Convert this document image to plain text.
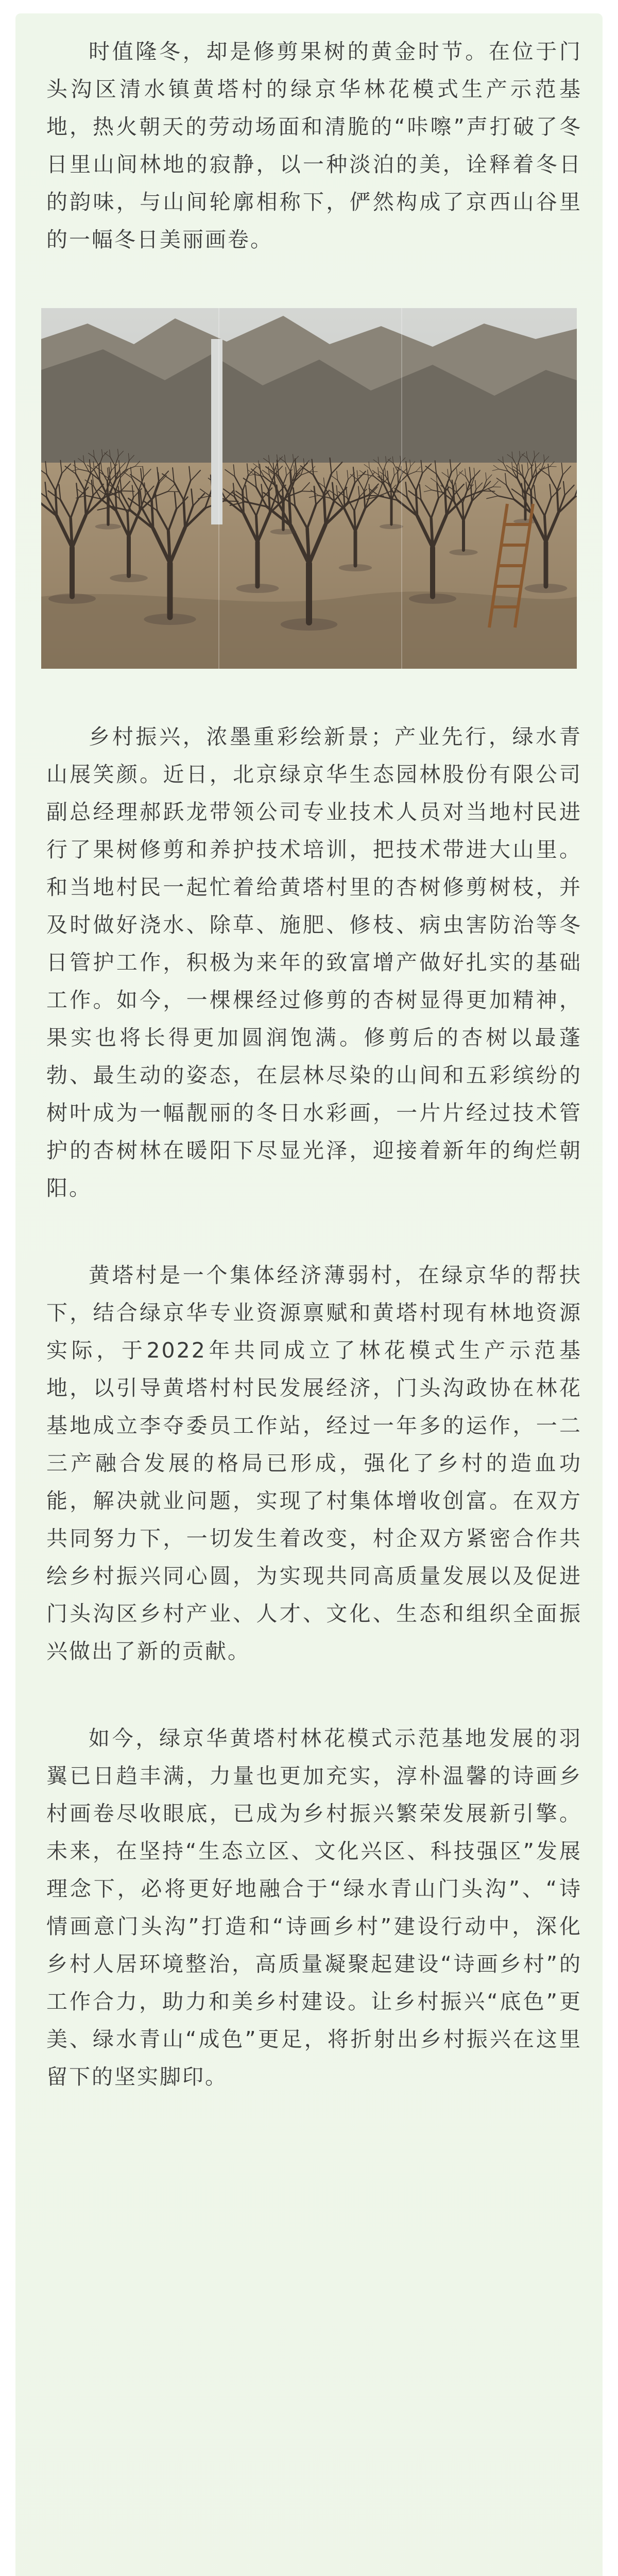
时值隆冬，却是修剪果树的黄金时节。在位于门头沟区清水镇黄塔村的绿京华林花模式生产示范基地，热火朝天的劳动场面和清脆的“咔嚓”声打破了冬日里山间林地的寂静，以一种淡泊的美，诠释着冬日的韵味，与山间轮廓相称下，俨然构成了京西山谷里的一幅冬日美丽画卷。

乡村振兴，浓墨重彩绘新景；产业先行，绿水青山展笑颜。近日，北京绿京华生态园林股份有限公司副总经理郝跃龙带领公司专业技术人员对当地村民进行了果树修剪和养护技术培训，把技术带进大山里。和当地村民一起忙着给黄塔村里的杏树修剪树枝，并及时做好浇水、除草、施肥、修枝、病虫害防治等冬日管护工作，积极为来年的致富增产做好扎实的基础工作。如今，一棵棵经过修剪的杏树显得更加精神，果实也将长得更加圆润饱满。修剪后的杏树以最蓬勃、最生动的姿态，在层林尽染的山间和五彩缤纷的树叶成为一幅靓丽的冬日水彩画，一片片经过技术管护的杏树林在暖阳下尽显光泽，迎接着新年的绚烂朝阳。

黄塔村是一个集体经济薄弱村，在绿京华的帮扶下，结合绿京华专业资源禀赋和黄塔村现有林地资源实际，于2022年共同成立了林花模式生产示范基地，以引导黄塔村村民发展经济，门头沟政协在林花基地成立李夺委员工作站，经过一年多的运作，一二三产融合发展的格局已形成，强化了乡村的造血功能，解决就业问题，实现了村集体增收创富。在双方共同努力下，一切发生着改变，村企双方紧密合作共绘乡村振兴同心圆，为实现共同高质量发展以及促进门头沟区乡村产业、人才、文化、生态和组织全面振兴做出了新的贡献。

如今，绿京华黄塔村林花模式示范基地发展的羽翼已日趋丰满，力量也更加充实，淳朴温馨的诗画乡村画卷尽收眼底，已成为乡村振兴繁荣发展新引擎。未来，在坚持“生态立区、文化兴区、科技强区”发展理念下，必将更好地融合于“绿水青山门头沟”、“诗情画意门头沟”打造和“诗画乡村”建设行动中，深化乡村人居环境整治，高质量凝聚起建设“诗画乡村”的工作合力，助力和美乡村建设。让乡村振兴“底色”更美、绿水青山“成色”更足，将折射出乡村振兴在这里留下的坚实脚印。
